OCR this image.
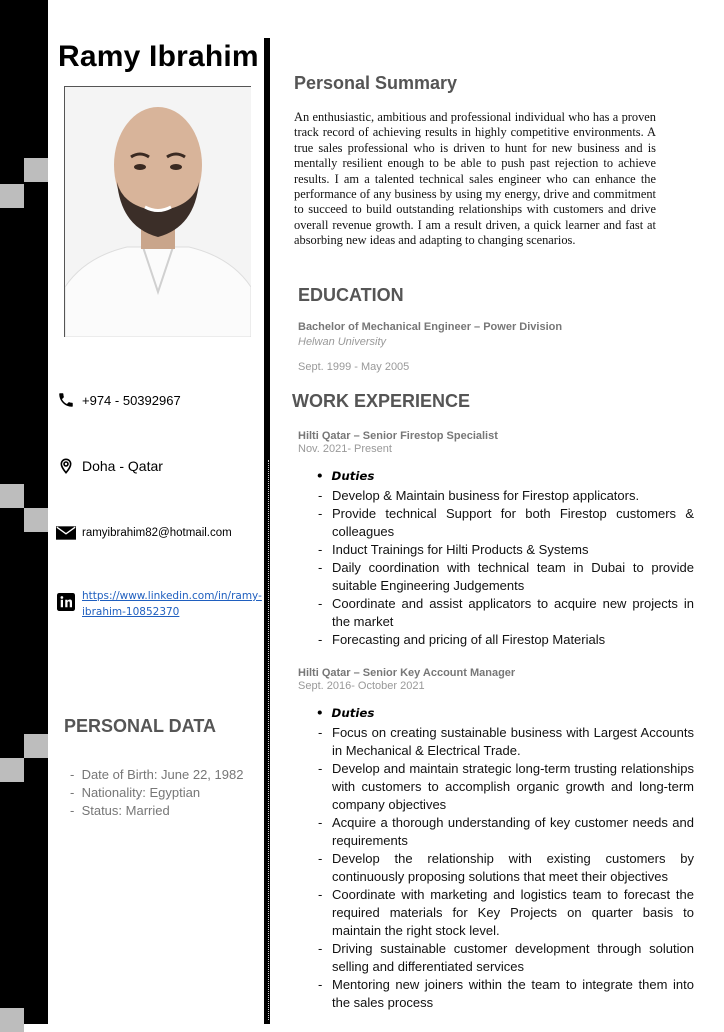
Ramy Ibrahim
+974 - 50392967
Doha - Qatar
ramyibrahim82@hotmail.com
https://www.linkedin.com/in/ramy-
ibrahim-10852370
PERSONAL DATA
-  Date of Birth: June 22, 1982
-  Nationality: Egyptian
-  Status: Married
Personal Summary
An enthusiastic, ambitious and professional individual who has a proven track record of achieving results in highly competitive environments. A true sales professional who is driven to hunt for new business and is mentally resilient enough to be able to push past rejection to achieve results. I am a talented technical sales engineer who can enhance the performance of any business by using my energy, drive and commitment to succeed to build outstanding relationships with customers and drive overall revenue growth. I am a result driven, a quick learner and fast at absorbing new ideas and adapting to changing scenarios.
EDUCATION
Bachelor of Mechanical Engineer – Power Division
Helwan University
Sept. 1999 - May 2005
WORK EXPERIENCE
Hilti Qatar – Senior Firestop Specialist
Nov. 2021- Present
• Duties
- Develop & Maintain business for Firestop applicators.
- Provide technical Support for both Firestop customers & colleagues
- Induct Trainings for Hilti Products & Systems
- Daily coordination with technical team in Dubai to provide suitable Engineering Judgements
- Coordinate and assist applicators to acquire new projects in the market
- Forecasting and pricing of all Firestop Materials
Hilti Qatar – Senior Key Account Manager
Sept. 2016- October 2021
• Duties
- Focus on creating sustainable business with Largest Accounts in Mechanical & Electrical Trade.
- Develop and maintain strategic long-term trusting relationships with customers to accomplish organic growth and long-term company objectives
- Acquire a thorough understanding of key customer needs and requirements
- Develop the relationship with existing customers by continuously proposing solutions that meet their objectives
- Coordinate with marketing and logistics team to forecast the required materials for Key Projects on quarter basis to maintain the right stock level.
- Driving sustainable customer development through solution selling and differentiated services
- Mentoring new joiners within the team to integrate them into the sales process
